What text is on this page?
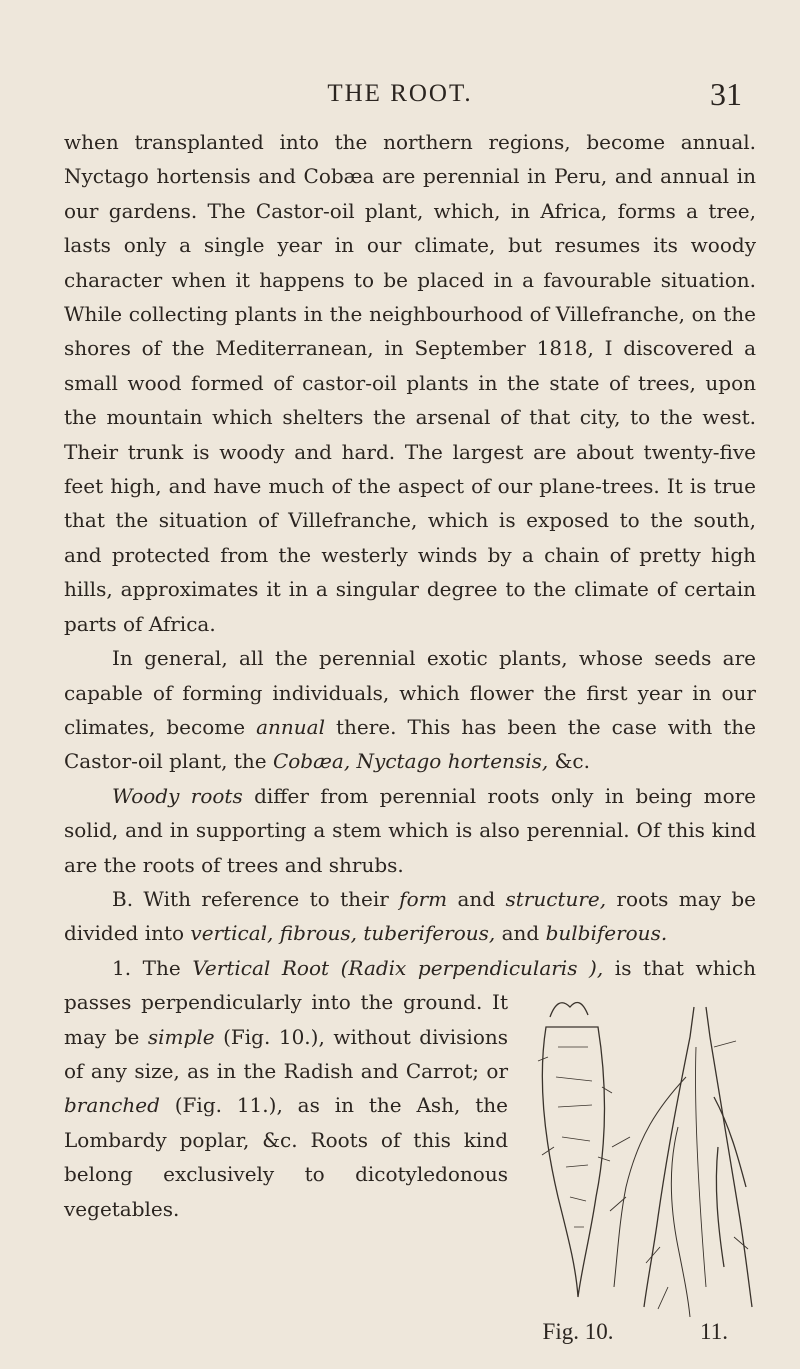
THE ROOT.	31

when transplanted into the northern regions, become annual. Nyctago hortensis and Cobæa are perennial in Peru, and annual in our gardens. The Castor-oil plant, which, in Africa, forms a tree, lasts only a single year in our climate, but resumes its woody character when it happens to be placed in a favourable situation. While collecting plants in the neighbourhood of Villefranche, on the shores of the Mediterranean, in September 1818, I discovered a small wood formed of castor-oil plants in the state of trees, upon the mountain which shelters the arsenal of that city, to the west. Their trunk is woody and hard. The largest are about twenty-five feet high, and have much of the aspect of our plane-trees. It is true that the situation of Villefranche, which is exposed to the south, and protected from the westerly winds by a chain of pretty high hills, approximates it in a singular degree to the climate of certain parts of Africa.

In general, all the perennial exotic plants, whose seeds are capable of forming individuals, which flower the first year in our climates, become annual there. This has been the case with the Castor-oil plant, the Cobæa, Nyctago hortensis, &c.

Woody roots differ from perennial roots only in being more solid, and in supporting a stem which is also perennial. Of this kind are the roots of trees and shrubs.

B. With reference to their form and structure, roots may be divided into vertical, fibrous, tuberiferous, and bulbiferous.

1. The Vertical Root (Radix perpendicularis ),
Fig. 10.	11.
is that which passes perpendicularly into the ground. It may be simple (Fig. 10.), without divisions of any size, as in the Radish and Carrot; or branched (Fig. 11.), as in the Ash, the Lombardy poplar, &c. Roots of this kind belong exclusively to dicotyledonous vegetables.
